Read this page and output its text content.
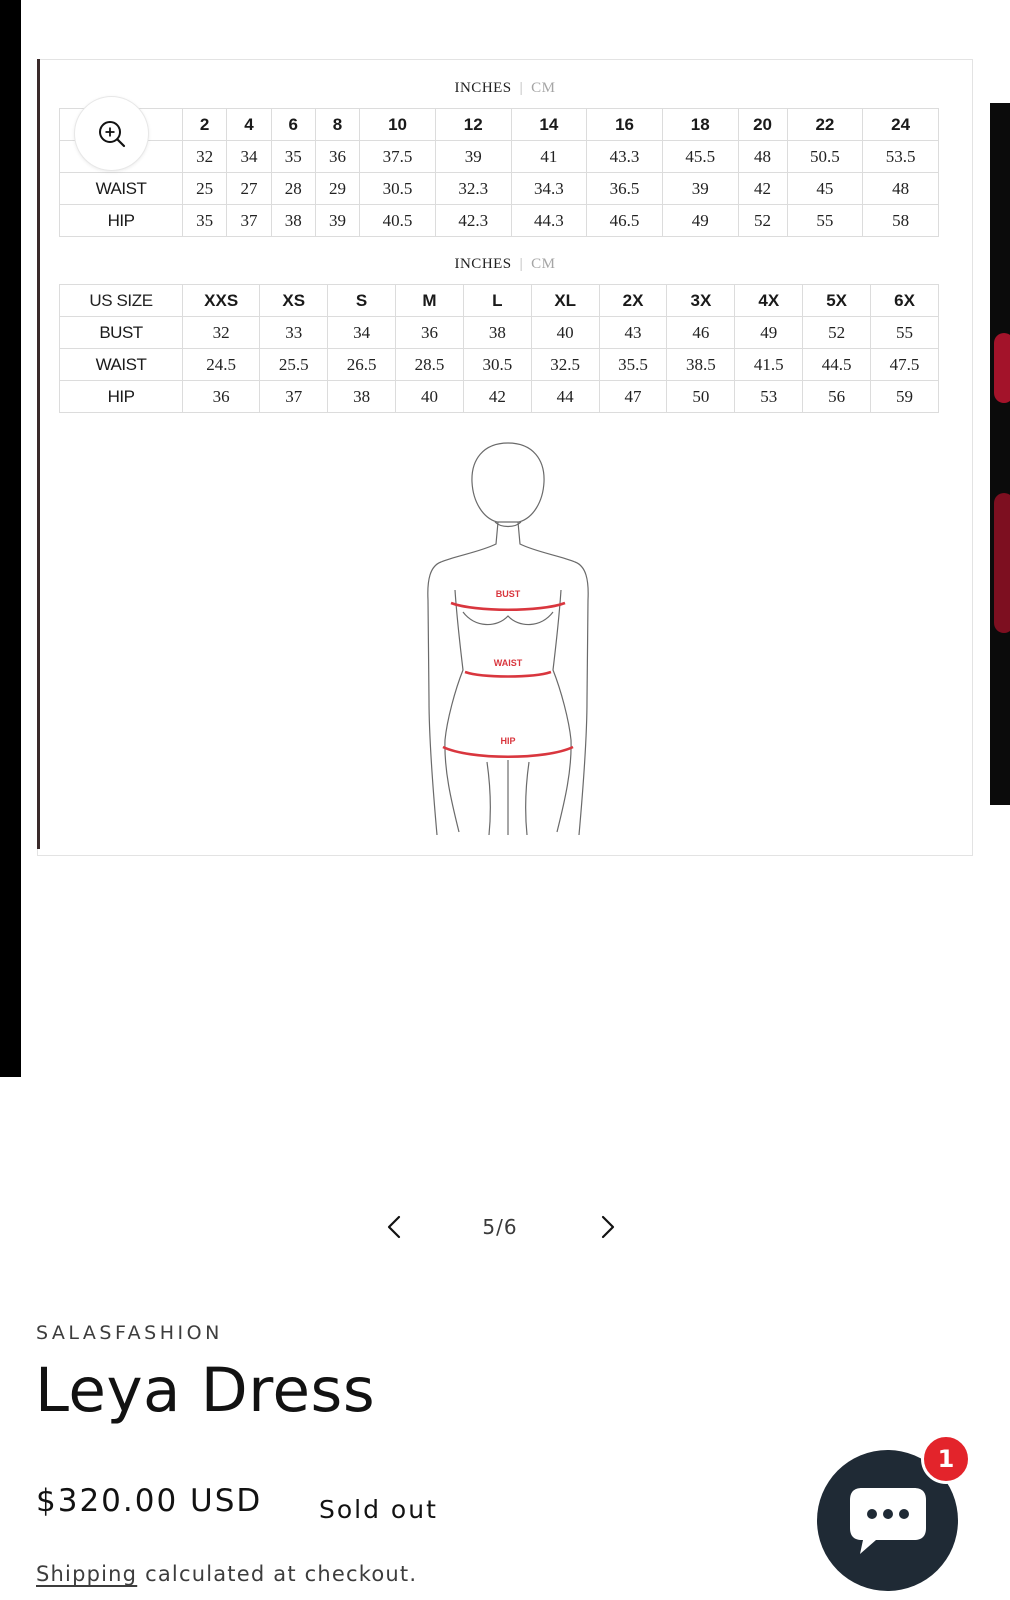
INCHES | CM
	2	4	6	8	10	12	14	16	18	20	22	24
	32	34	35	36	37.5	39	41	43.3	45.5	48	50.5	53.5
WAIST	25	27	28	29	30.5	32.3	34.3	36.5	39	42	45	48
HIP	35	37	38	39	40.5	42.3	44.3	46.5	49	52	55	58
INCHES | CM
US SIZE	XXS	XS	S	M	L	XL	2X	3X	4X	5X	6X
BUST	32	33	34	36	38	40	43	46	49	52	55
WAIST	24.5	25.5	26.5	28.5	30.5	32.5	35.5	38.5	41.5	44.5	47.5
HIP	36	37	38	40	42	44	47	50	53	56	59
BUST
WAIST
HIP
5/6
SALASFASHION
Leya Dress
$320.00 USD Sold out
Shipping calculated at checkout.
1
